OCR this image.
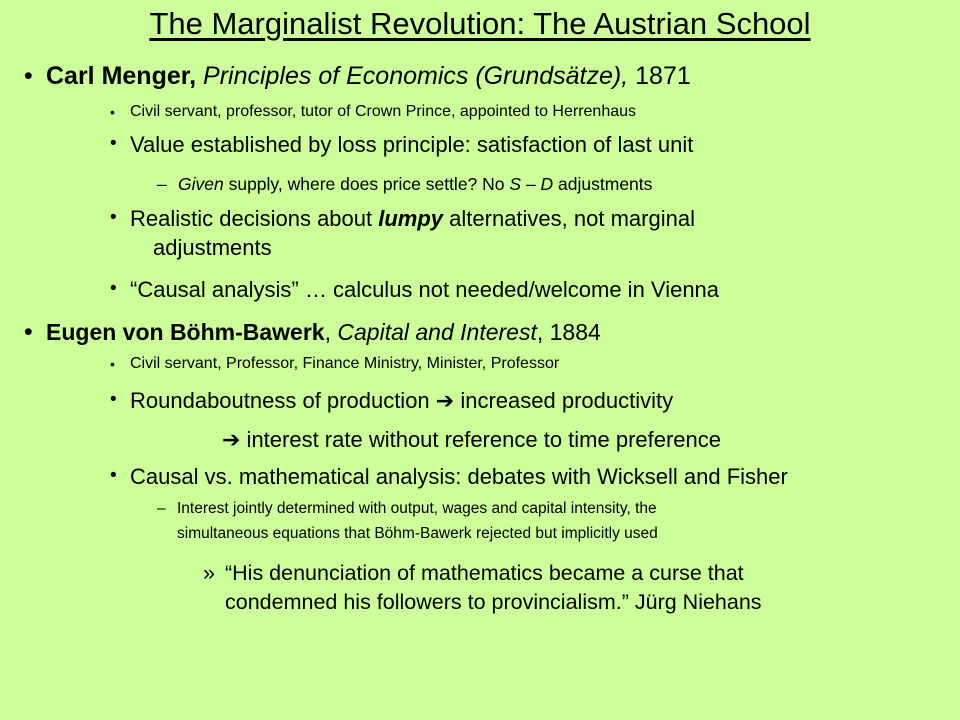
The Marginalist Revolution: The Austrian School
• Carl Menger, Principles of Economics (Grundsätze), 1871
• Civil servant, professor, tutor of Crown Prince, appointed to Herrenhaus
• Value established by loss principle: satisfaction of last unit
– Given supply, where does price settle? No S – D adjustments
• Realistic decisions about lumpy alternatives, not marginal
adjustments
• “Causal analysis” … calculus not needed/welcome in Vienna
• Eugen von Böhm-Bawerk, Capital and Interest, 1884
• Civil servant, Professor, Finance Ministry, Minister, Professor
• Roundaboutness of production ➔ increased productivity
➔ interest rate without reference to time preference
• Causal vs. mathematical analysis: debates with Wicksell and Fisher
– Interest jointly determined with output, wages and capital intensity, the
simultaneous equations that Böhm-Bawerk rejected but implicitly used
» “His denunciation of mathematics became a curse that
condemned his followers to provincialism.” Jürg Niehans
